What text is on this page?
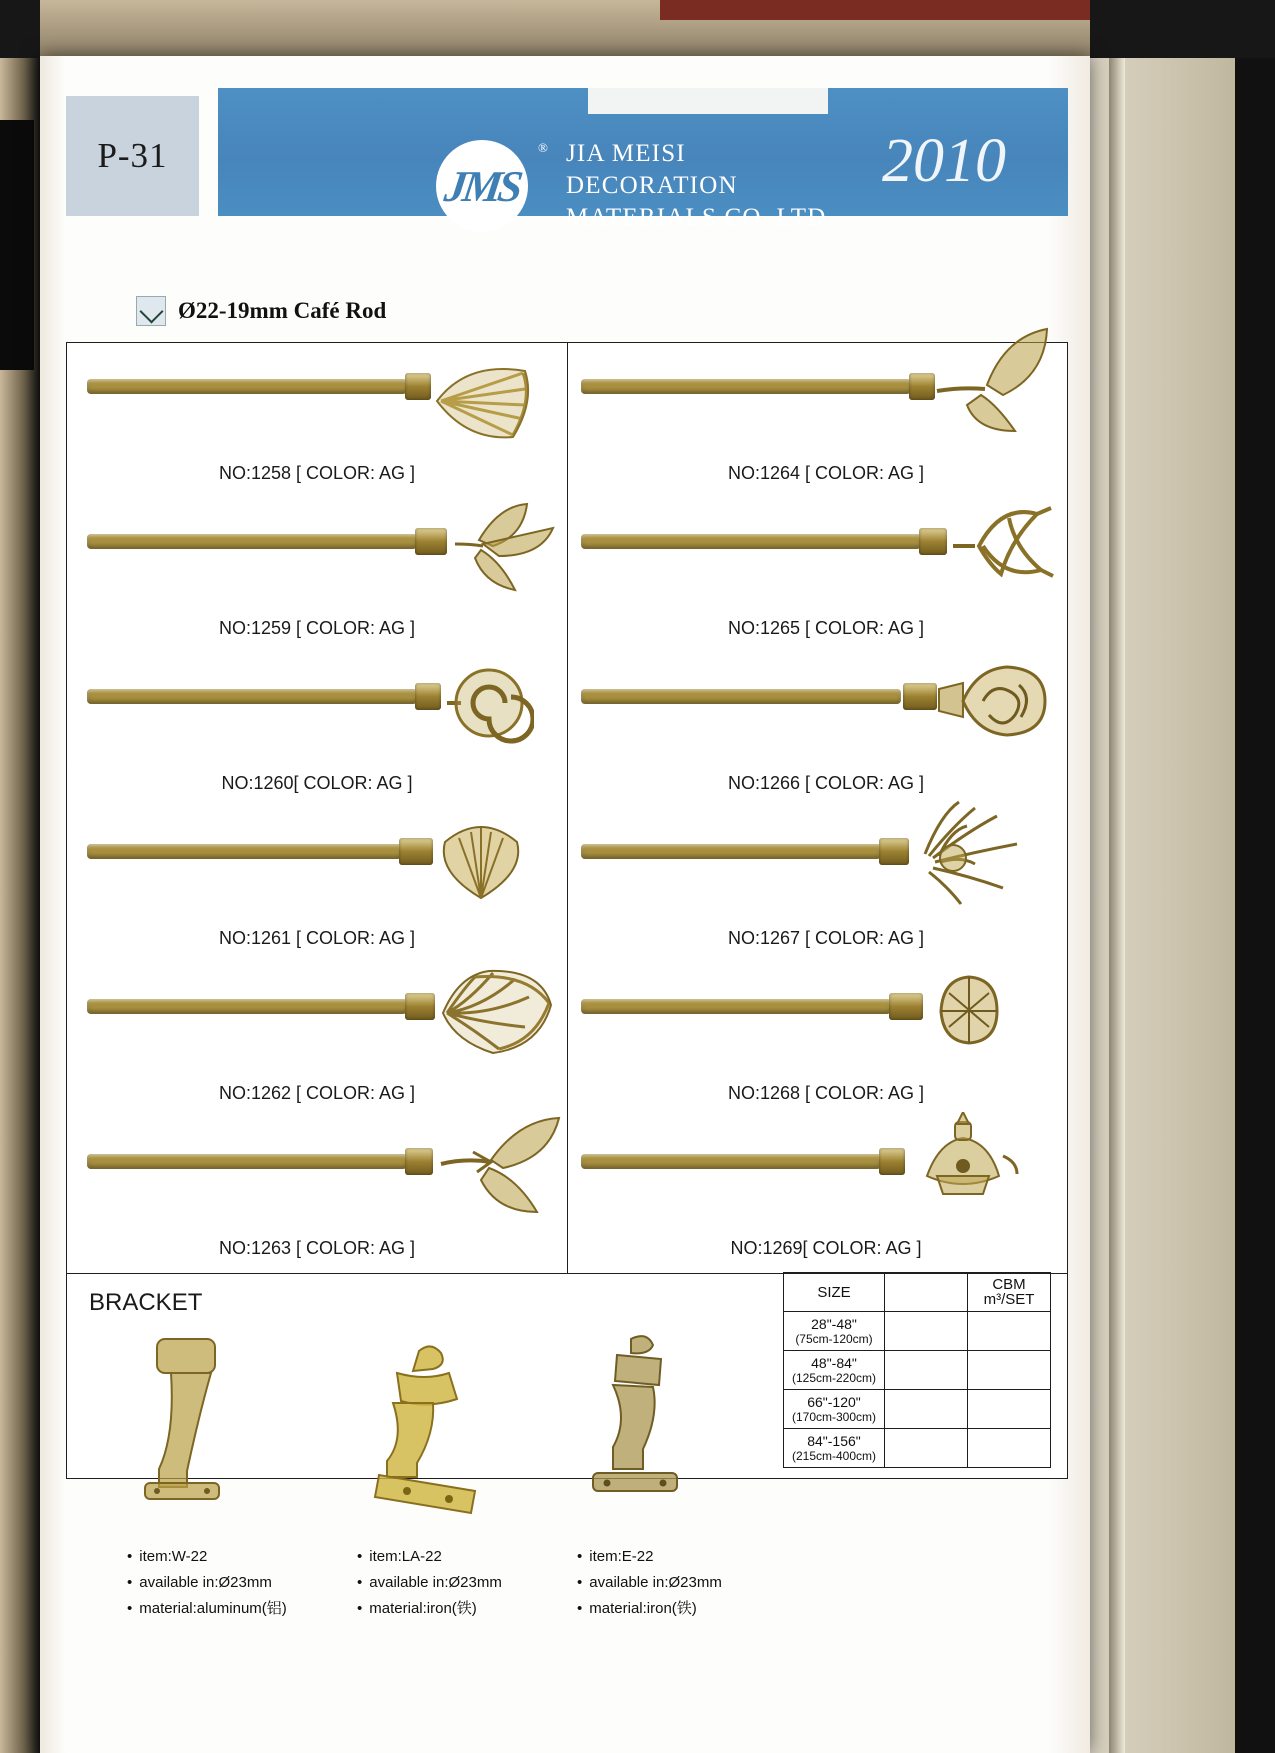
P-31
JMS
® JIA MEISI
DECORATION
MATERIALS CO.,LTD
2010
Ø22-19mm Café Rod
NO:1258 [ COLOR: AG ]
NO:1259 [ COLOR: AG ]
NO:1260[ COLOR: AG ]
NO:1261 [ COLOR: AG ]
NO:1262 [ COLOR: AG ]
NO:1263 [ COLOR: AG ]
NO:1264 [ COLOR: AG ]
NO:1265 [ COLOR: AG ]
NO:1266 [ COLOR: AG ]
NO:1267 [ COLOR: AG ]
NO:1268 [ COLOR: AG ]
NO:1269[ COLOR: AG ]
BRACKET
• item:W-22
• available in:Ø23mm
• material:aluminum(铝)
• item:LA-22
• available in:Ø23mm
• material:iron(铁)
• item:E-22
• available in:Ø23mm
• material:iron(铁)
SIZE		CBM m³/SET

28"-48"
(75cm-120cm)		

48"-84"
(125cm-220cm)		

66"-120"
(170cm-300cm)		

84"-156"
(215cm-400cm)		
